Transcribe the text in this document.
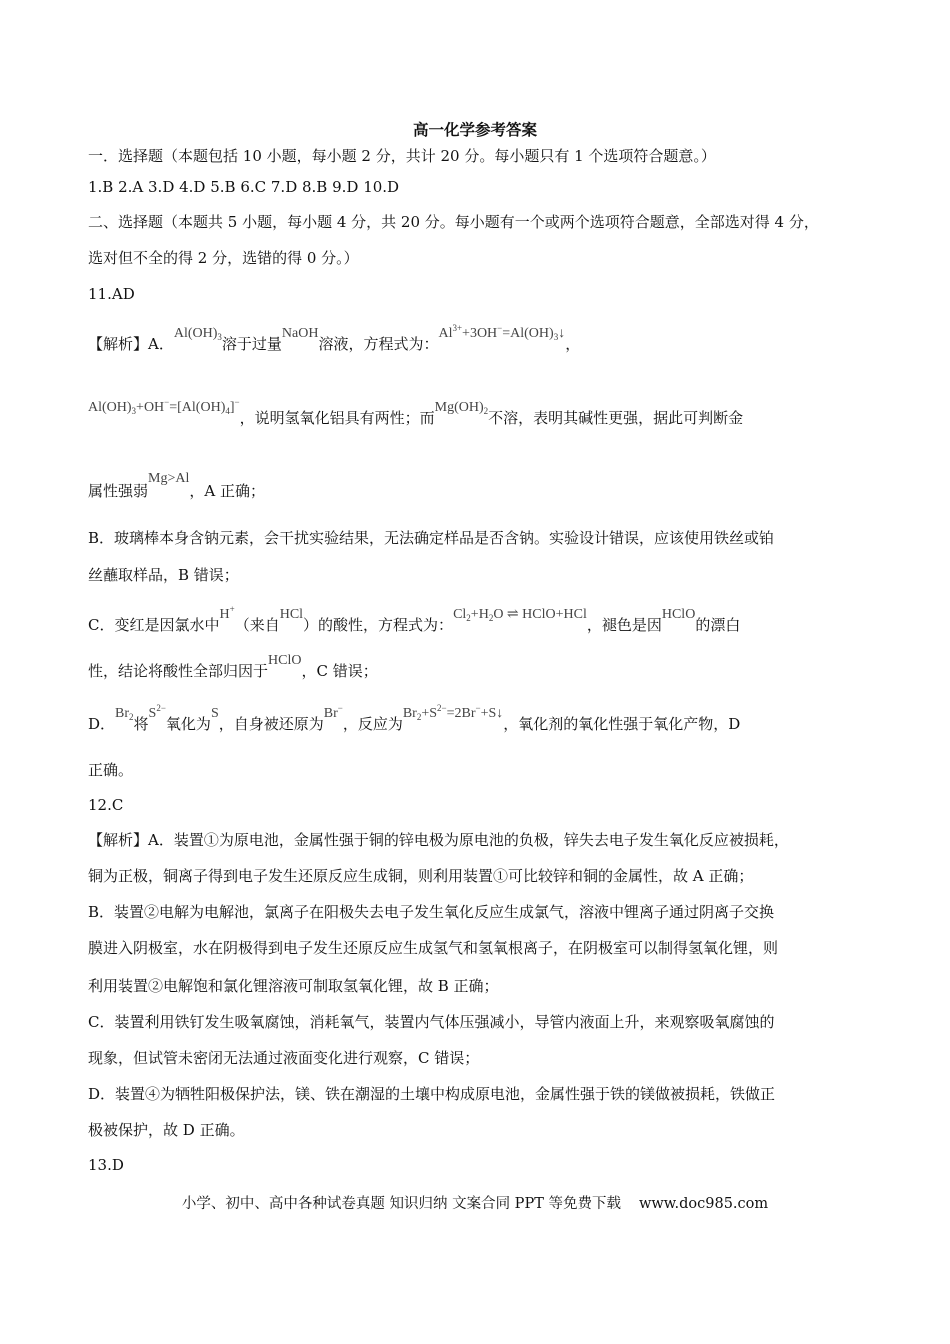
高一化学参考答案
一．选择题（本题包括 10 小题，每小题 2 分，共计 20 分。每小题只有 1 个选项符合题意。）
1.B 2.A 3.D 4.D 5.B 6.C 7.D 8.B 9.D 10.D
二、选择题（本题共 5 小题，每小题 4 分，共 20 分。每小题有一个或两个选项符合题意，全部选对得 4 分，
选对但不全的得 2 分，选错的得 0 分。）
11.AD
【解析】A．$Al(OH)_3$溶于过量NaOH溶液，方程式为：$Al^{3+}+3OH^-=Al(OH)_3↓$，
$Al(OH)_3+OH^-=[Al(OH)_4]^-$，说明氢氧化铝具有两性；而$Mg(OH)_2$不溶，表明其碱性更强，据此可判断金
属性强弱Mg>Al，A 正确；
B．玻璃棒本身含钠元素，会干扰实验结果，无法确定样品是否含钠。实验设计错误，应该使用铁丝或铂
丝蘸取样品，B 错误；
C．变红是因氯水中H+（来自HCl）的酸性，方程式为：$Cl_2+H_2O$ ⇌ HClO+HCl，褪色是因HClO的漂白
性，结论将酸性全部归因于HClO，C 错误；
D．$Br_2$将$S^{2-}$氧化为S，自身被还原为Br−，反应为$Br_2+S^{2-}=2Br^-+S↓$，氧化剂的氧化性强于氧化产物，D
正确。
12.C
【解析】A．装置①为原电池，金属性强于铜的锌电极为原电池的负极，锌失去电子发生氧化反应被损耗，
铜为正极，铜离子得到电子发生还原反应生成铜，则利用装置①可比较锌和铜的金属性，故 A 正确；
B．装置②电解为电解池，氯离子在阳极失去电子发生氧化反应生成氯气，溶液中锂离子通过阴离子交换
膜进入阴极室，水在阴极得到电子发生还原反应生成氢气和氢氧根离子，在阴极室可以制得氢氧化锂，则
利用装置②电解饱和氯化锂溶液可制取氢氧化锂，故 B 正确；
C．装置利用铁钉发生吸氧腐蚀，消耗氧气，装置内气体压强减小，导管内液面上升，来观察吸氧腐蚀的
现象，但试管未密闭无法通过液面变化进行观察，C 错误；
D．装置④为牺牲阳极保护法，镁、铁在潮湿的土壤中构成原电池，金属性强于铁的镁做被损耗，铁做正
极被保护，故 D 正确。
13.D
小学、初中、高中各种试卷真题 知识归纳 文案合同 PPT 等免费下载 www.doc985.com
